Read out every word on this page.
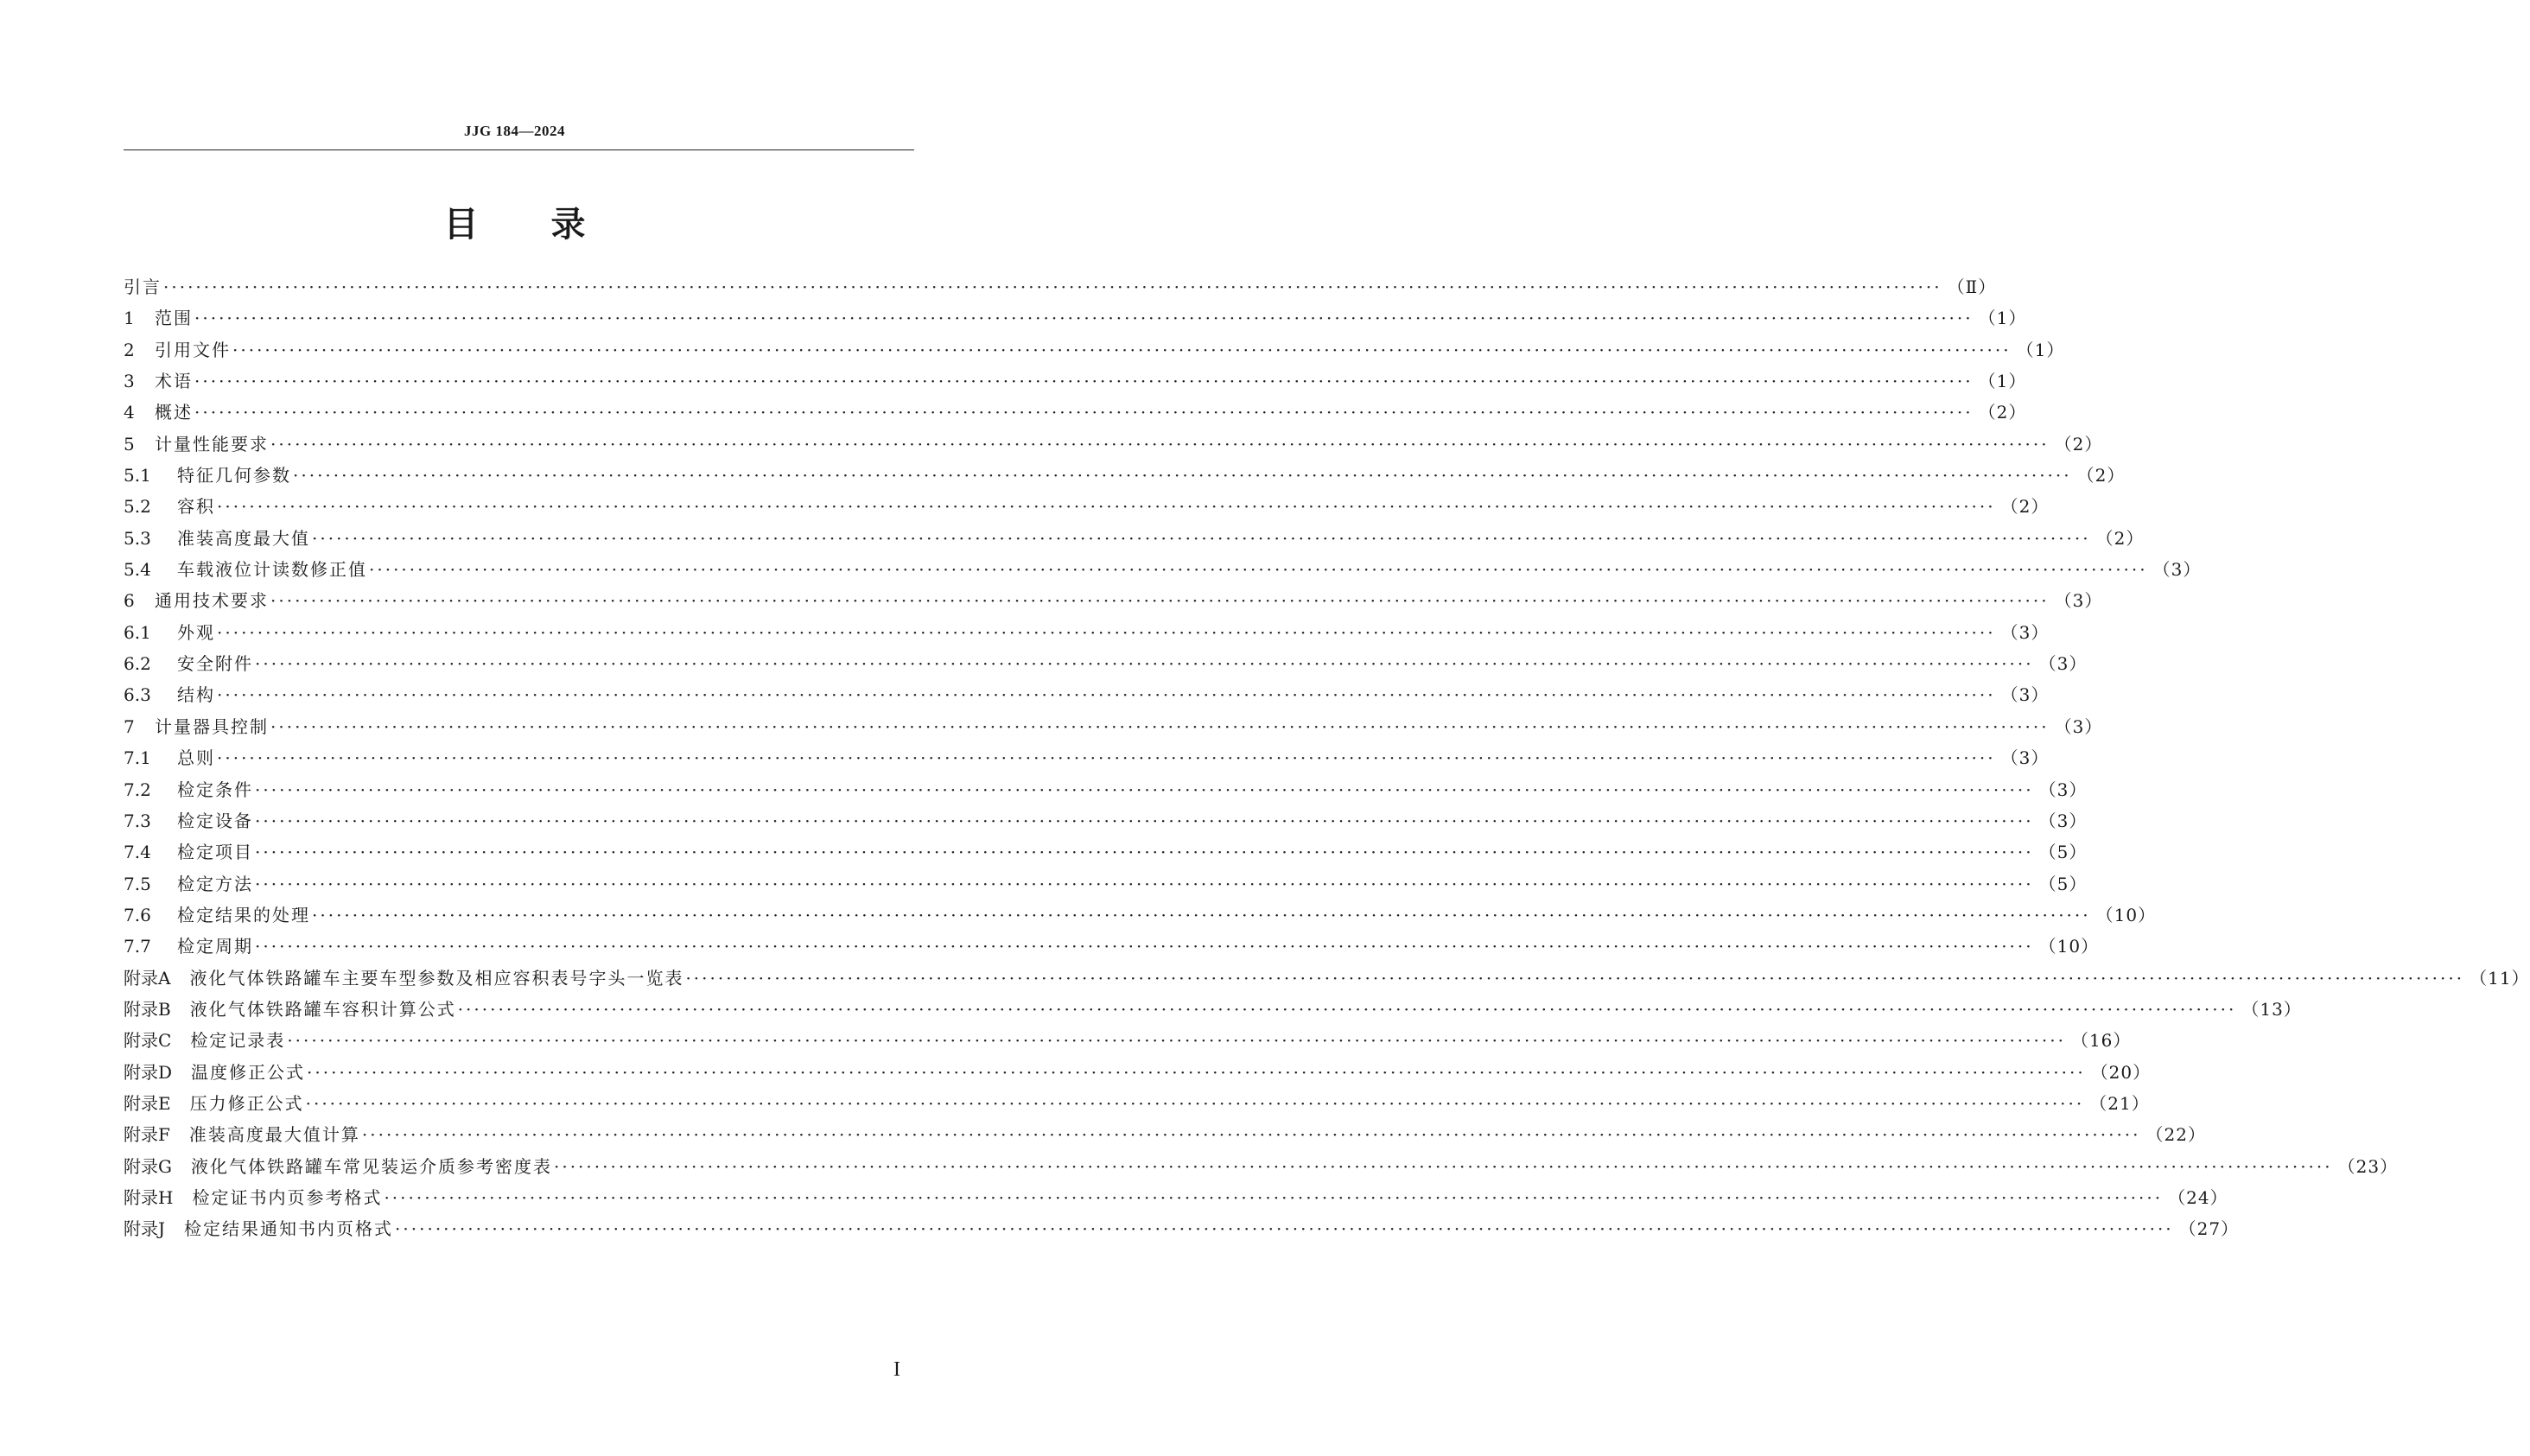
JJG 184—2024
目录
引言 ···························································································································································································································· （Ⅱ）
1	范围 ···························································································································································································································· （1）
2	引用文件 ···························································································································································································································· （1）
3	术语 ···························································································································································································································· （1）
4	概述 ···························································································································································································································· （2）
5	计量性能要求 ···························································································································································································································· （2）
5.1	特征几何参数 ···························································································································································································································· （2）
5.2	容积 ···························································································································································································································· （2）
5.3	准装高度最大值 ···························································································································································································································· （2）
5.4	车载液位计读数修正值 ···························································································································································································································· （3）
6	通用技术要求 ···························································································································································································································· （3）
6.1	外观 ···························································································································································································································· （3）
6.2	安全附件 ···························································································································································································································· （3）
6.3	结构 ···························································································································································································································· （3）
7	计量器具控制 ···························································································································································································································· （3）
7.1	总则 ···························································································································································································································· （3）
7.2	检定条件 ···························································································································································································································· （3）
7.3	检定设备 ···························································································································································································································· （3）
7.4	检定项目 ···························································································································································································································· （5）
7.5	检定方法 ···························································································································································································································· （5）
7.6	检定结果的处理 ···························································································································································································································· （10）
7.7	检定周期 ···························································································································································································································· （10）
附录A	液化气体铁路罐车主要车型参数及相应容积表号字头一览表 ···························································································································································································································· （11）
附录B	液化气体铁路罐车容积计算公式 ···························································································································································································································· （13）
附录C	检定记录表 ···························································································································································································································· （16）
附录D	温度修正公式 ···························································································································································································································· （20）
附录E	压力修正公式 ···························································································································································································································· （21）
附录F	准装高度最大值计算 ···························································································································································································································· （22）
附录G	液化气体铁路罐车常见装运介质参考密度表 ···························································································································································································································· （23）
附录H	检定证书内页参考格式 ···························································································································································································································· （24）
附录J	检定结果通知书内页格式 ···························································································································································································································· （27）
I
